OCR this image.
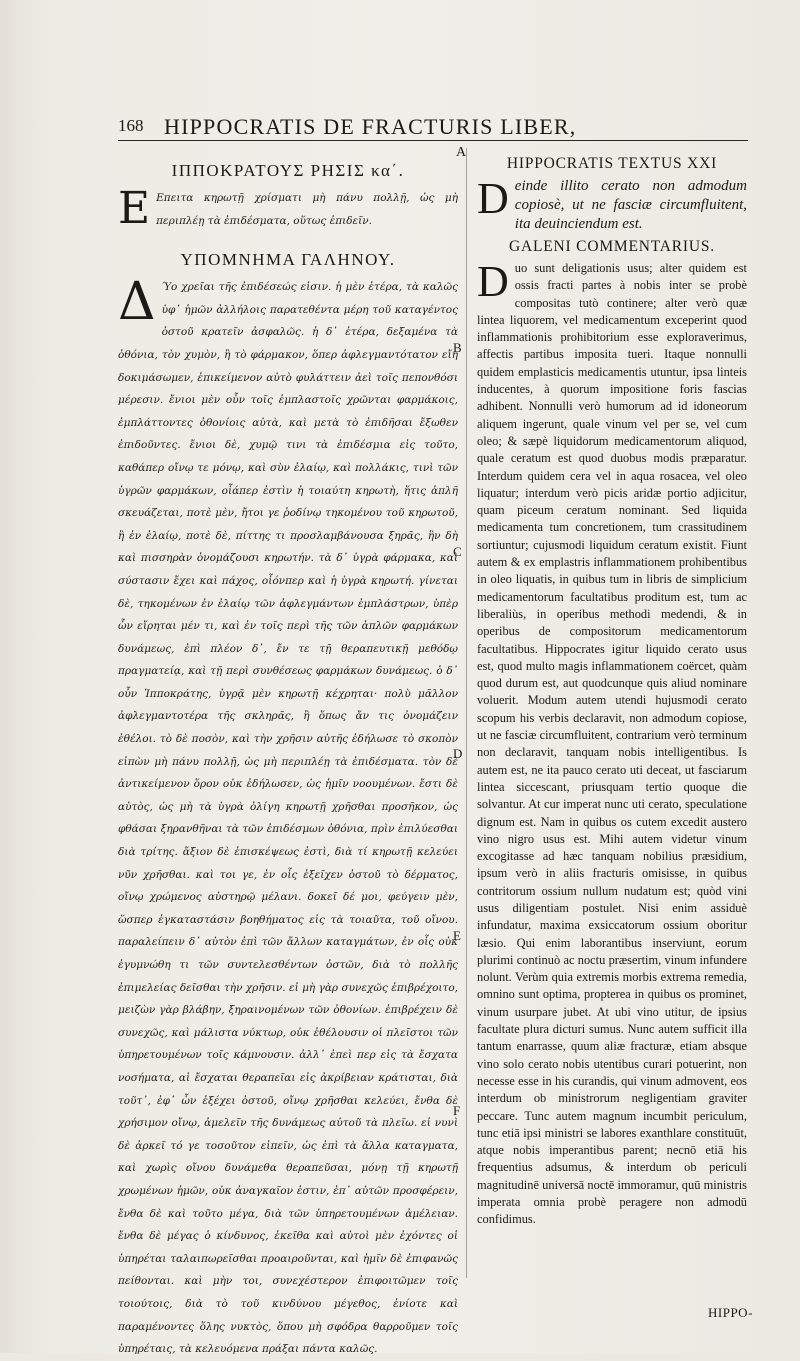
168 HIPPOCRATIS DE FRACTURIS LIBER,
A
B
C
D
E
F
ΙΠΠΟΚΡΑΤΟΥΣ ΡΗΣΙΣ κα΄.

E Επειτα κηρωτῇ χρίσματι μὴ πάνυ πολλῇ, ὡς μὴ περιπλέῃ τὰ ἐπιδέσματα, οὕτως ἐπιδεῖν.

ΥΠΟΜΝΗΜΑ ΓΑΛΗΝΟΥ.

Δ Ύο χρεῖαι τῆς ἐπιδέσεώς εἰσιν. ἡ μὲν ἑτέρα, τὰ καλῶς ὑφ᾽ ἡμῶν ἀλλήλοις παρατεθέντα μέρη τοῦ καταγέντος ὀστοῦ κρατεῖν ἀσφαλῶς. ἡ δ᾽ ἑτέρα, δεξαμένα τὰ ὀθόνια, τὸν χυμὸν, ἢ τὸ φάρμακον, ὅπερ ἀφλεγμαντότατον εἴη δοκιμάσωμεν, ἐπικείμενον αὐτὸ φυλάττειν ἀεὶ τοῖς πεπονθόσι μέρεσιν. ἔνιοι μὲν οὖν τοῖς ἐμπλαστοῖς χρῶνται φαρμάκοις, ἐμπλάττοντες ὀθονίοις αὐτὰ, καὶ μετὰ τὸ ἐπιδῆσαι ἔξωθεν ἐπιδοῦντες. ἔνιοι δὲ, χυμῷ τινι τὰ ἐπιδέσμια εἰς τοῦτο, καθάπερ οἴνῳ τε μόνῳ, καὶ σὺν ἐλαίῳ, καὶ πολλάκις, τινὶ τῶν ὑγρῶν φαρμάκων, οἷάπερ ἐστὶν ἡ τοιαύτη κηρωτὴ, ἥτις ἀπλῆ σκευάζεται, ποτὲ μὲν, ἤτοι γε ῥοδίνῳ τηκομένου τοῦ κηρωτοῦ, ἢ ἐν ἐλαίῳ, ποτὲ δὲ, πίττης τι προσλαμβάνουσα ξηρᾶς, ἣν δὴ καὶ πισσηρὰν ὀνομάζουσι κηρωτήν. τὰ δ᾽ ὑγρὰ φάρμακα, καὶ σύστασιν ἔχει καὶ πάχος, οἷόνπερ καὶ ἡ ὑγρὰ κηρωτή. γίνεται δὲ, τηκομένων ἐν ἐλαίῳ τῶν ἀφλεγμάντων ἐμπλάστρων, ὑπὲρ ὧν εἴρηται μέν τι, καὶ ἐν τοῖς περὶ τῆς τῶν ἁπλῶν φαρμάκων δυνάμεως, ἐπὶ πλέον δ᾽, ἔν τε τῇ θεραπευτικῇ μεθόδῳ πραγματείᾳ, καὶ τῇ περὶ συνθέσεως φαρμάκων δυνάμεως. ὁ δ᾽ οὖν Ἱπποκράτης, ὑγρᾷ μὲν κηρωτῇ κέχρηται· πολὺ μᾶλλον ἀφλεγμαντοτέρα τῆς σκληρᾶς, ἢ ὅπως ἄν τις ὀνομάζειν ἐθέλοι. τὸ δὲ ποσὸν, καὶ τὴν χρῆσιν αὐτῆς ἐδήλωσε τὸ σκοπὸν εἰπὼν μὴ πάνυ πολλῇ, ὡς μὴ περιπλέῃ τὰ ἐπιδέσματα. τὸν δὲ ἀντικείμενον ὅρον οὐκ ἐδήλωσεν, ὡς ἡμῖν νοουμένων. ἔστι δὲ αὐτὸς, ὡς μὴ τὰ ὑγρὰ ὀλίγη κηρωτῇ χρῆσθαι προσῆκον, ὡς φθάσαι ξηρανθῆναι τὰ τῶν ἐπιδέσμων ὀθόνια, πρὶν ἐπιλύεσθαι διὰ τρίτης. ἄξιον δὲ ἐπισκέψεως ἐστὶ, διὰ τί κηρωτῇ κελεύει νῦν χρῆσθαι. καὶ τοι γε, ἐν οἷς ἐξεῖχεν ὀστοῦ τὸ δέρματος, οἴνῳ χρώμενος αὐστηρῷ μέλανι. δοκεῖ δέ μοι, φεύγειν μὲν, ὥσπερ ἐγκαταστάσιν βοηθήματος εἰς τὰ τοιαῦτα, τοῦ οἴνου. παραλείπειν δ᾽ αὐτὸν ἐπὶ τῶν ἄλλων καταγμάτων, ἐν οἷς οὐκ ἐγυμνώθη τι τῶν συντελεσθέντων ὀστῶν, διὰ τὸ πολλῆς ἐπιμελείας δεῖσθαι τὴν χρῆσιν. εἰ μὴ γὰρ συνεχῶς ἐπιβρέχοιτο, μειζὼν γὰρ βλάβην, ξηραινομένων τῶν ὀθονίων. ἐπιβρέχειν δὲ συνεχῶς, καὶ μάλιστα νύκτωρ, οὐκ ἐθέλουσιν οἱ πλεῖστοι τῶν ὑπηρετουμένων τοῖς κάμνουσιν. ἀλλ᾽ ἐπεὶ περ εἰς τὰ ἔσχατα νοσήματα, αἱ ἔσχαται θεραπεῖαι εἰς ἀκρίβειαν κράτισται, διὰ τοῦτ᾽, ἐφ᾽ ὧν ἐξέχει ὀστοῦ, οἴνῳ χρῆσθαι κελεύει, ἔνθα δὲ χρήσιμον οἴνῳ, ἀμελεῖν τῆς δυνάμεως αὐτοῦ τὰ πλεῖω. εἰ νυνὶ δὲ ἀρκεῖ τό γε τοσοῦτον εἰπεῖν, ὡς ἐπὶ τὰ ἄλλα καταγματα, καὶ χωρὶς οἴνου δυνάμεθα θεραπεῦσαι, μόνῃ τῇ κηρωτῇ χρωμένων ἡμῶν, οὐκ ἀναγκαῖον ἐστιν, ἐπ᾽ αὐτῶν προσφέρειν, ἔνθα δὲ καὶ τοῦτο μέγα, διὰ τῶν ὑπηρετουμένων ἀμέλειαν. ἔνθα δὲ μέγας ὁ κίνδυνος, ἐκεῖθα καὶ αὐτοὶ μὲν ἐχόντες οἱ ὑπηρέται ταλαιπωρεῖσθαι προαιροῦνται, καὶ ἡμῖν δὲ ἐπιφανῶς πείθονται. καὶ μὴν τοι, συνεχέστερον ἐπιφοιτῶμεν τοῖς τοιούτοις, διὰ τὸ τοῦ κινδύνου μέγεθος, ἐνίοτε καὶ παραμένοντες ὅλης νυκτὸς, ὅπου μὴ σφόδρα θαρροῦμεν τοῖς ὑπηρέταις, τὰ κελευόμενα πράξαι πάντα καλῶς.

HIPPOCRATIS TEXTUS XXI

Deinde illito cerato non admodum copiosè, ut ne fasciæ circumfluitent, ita deuinciendum est.

GALENI COMMENTARIUS.

Duo sunt deligationis usus; alter quidem est ossis fracti partes à nobis inter se probè compositas tutò continere; alter verò quæ lintea liquorem, vel medicamentum exceperint quod inflammationis prohibitorium esse exploraverimus, affectis partibus imposita tueri. Itaque nonnulli quidem emplasticis medicamentis utuntur, ipsa linteis inducentes, à quorum impositione foris fascias adhibent. Nonnulli verò humorum ad id idoneorum aliquem ingerunt, quale vinum vel per se, vel cum oleo; & sæpè liquidorum medicamentorum aliquod, quale ceratum est quod duobus modis præparatur. Interdum quidem cera vel in aqua rosacea, vel oleo liquatur; interdum verò picis aridæ portio adjicitur, quam piceum ceratum nominant. Sed liquida medicamenta tum concretionem, tum crassitudinem sortiuntur; cujusmodi liquidum ceratum existit. Fiunt autem & ex emplastris inflammationem prohibentibus in oleo liquatis, in quibus tum in libris de simplicium medicamentorum facultatibus proditum est, tum ac liberaliùs, in operibus methodi medendi, & in operibus de compositorum medicamentorum facultatibus. Hippocrates igitur liquido cerato usus est, quod multo magis inflammationem coërcet, quàm quod durum est, aut quodcunque quis aliud nominare voluerit. Modum autem utendi hujusmodi cerato scopum his verbis declaravit, non admodum copiose, ut ne fasciæ circumfluitent, contrarium verò terminum non declaravit, tanquam nobis intelligentibus. Is autem est, ne ita pauco cerato uti deceat, ut fasciarum lintea siccescant, priusquam tertio quoque die solvantur. At cur imperat nunc uti cerato, speculatione dignum est. Nam in quibus os cutem excedit austero vino nigro usus est. Mihi autem videtur vinum excogitasse ad hæc tanquam nobilius præsidium, ipsum verò in aliis fracturis omisisse, in quibus contritorum ossium nullum nudatum est; quòd vini usus diligentiam postulet. Nisi enim assiduè infundatur, maxima exsiccatorum ossium oboritur læsio. Qui enim laborantibus inserviunt, eorum plurimi continuò ac noctu præsertim, vinum infundere nolunt. Verùm quia extremis morbis extrema remedia, omnino sunt optima, propterea in quibus os prominet, vinum usurpare jubet. At ubi vino utitur, de ipsius facultate plura dicturi sumus. Nunc autem sufficit illa tantum enarrasse, quum aliæ fracturæ, etiam absque vino solo cerato nobis utentibus curari potuerint, non necesse esse in his curandis, qui vinum admovent, eos interdum ob ministrorum negligentiam graviter peccare. Tunc autem magnum incumbit periculum, tunc etiā ipsi ministri se labores exanthlare constituūt, atque nobis imperantibus parent; necnō etiā his frequentius adsumus, & interdum ob periculi magnitudinē universā noctē immoramur, quū ministris imperata omnia probè peragere non admodū confidimus.

HIPPO-
